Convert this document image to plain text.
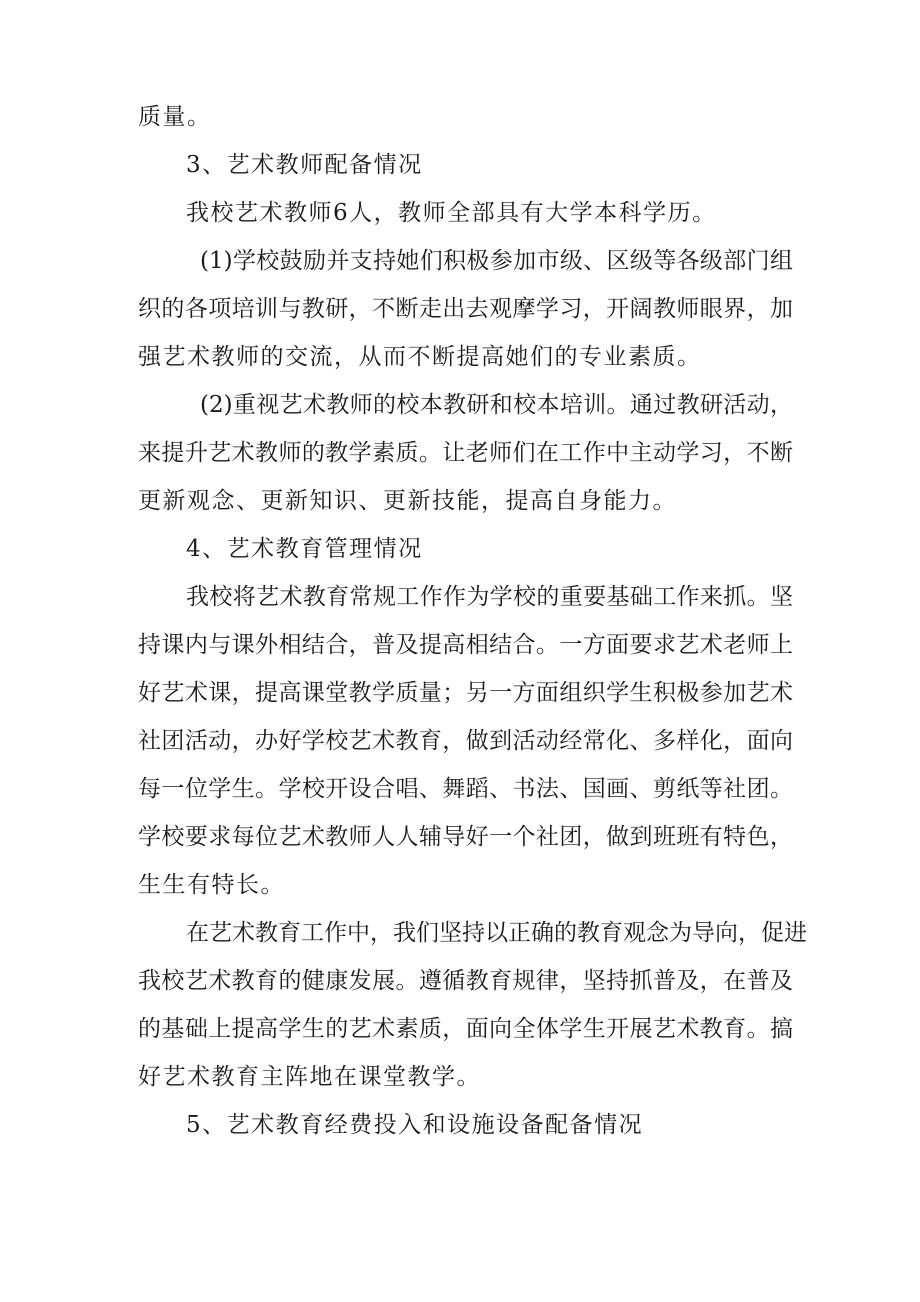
质量。
3、艺术教师配备情况
我校艺术教师6人，教师全部具有大学本科学历。
(1)学校鼓励并支持她们积极参加市级、区级等各级部门组
织的各项培训与教研，不断走出去观摩学习，开阔教师眼界，加
强艺术教师的交流，从而不断提高她们的专业素质。
(2)重视艺术教师的校本教研和校本培训。通过教研活动，
来提升艺术教师的教学素质。让老师们在工作中主动学习，不断
更新观念、更新知识、更新技能，提高自身能力。
4、艺术教育管理情况
我校将艺术教育常规工作作为学校的重要基础工作来抓。坚
持课内与课外相结合，普及提高相结合。一方面要求艺术老师上
好艺术课，提高课堂教学质量；另一方面组织学生积极参加艺术
社团活动，办好学校艺术教育，做到活动经常化、多样化，面向
每一位学生。学校开设合唱、舞蹈、书法、国画、剪纸等社团。
学校要求每位艺术教师人人辅导好一个社团，做到班班有特色，
生生有特长。
在艺术教育工作中，我们坚持以正确的教育观念为导向，促进
我校艺术教育的健康发展。遵循教育规律，坚持抓普及，在普及
的基础上提高学生的艺术素质，面向全体学生开展艺术教育。搞
好艺术教育主阵地在课堂教学。
5、艺术教育经费投入和设施设备配备情况
